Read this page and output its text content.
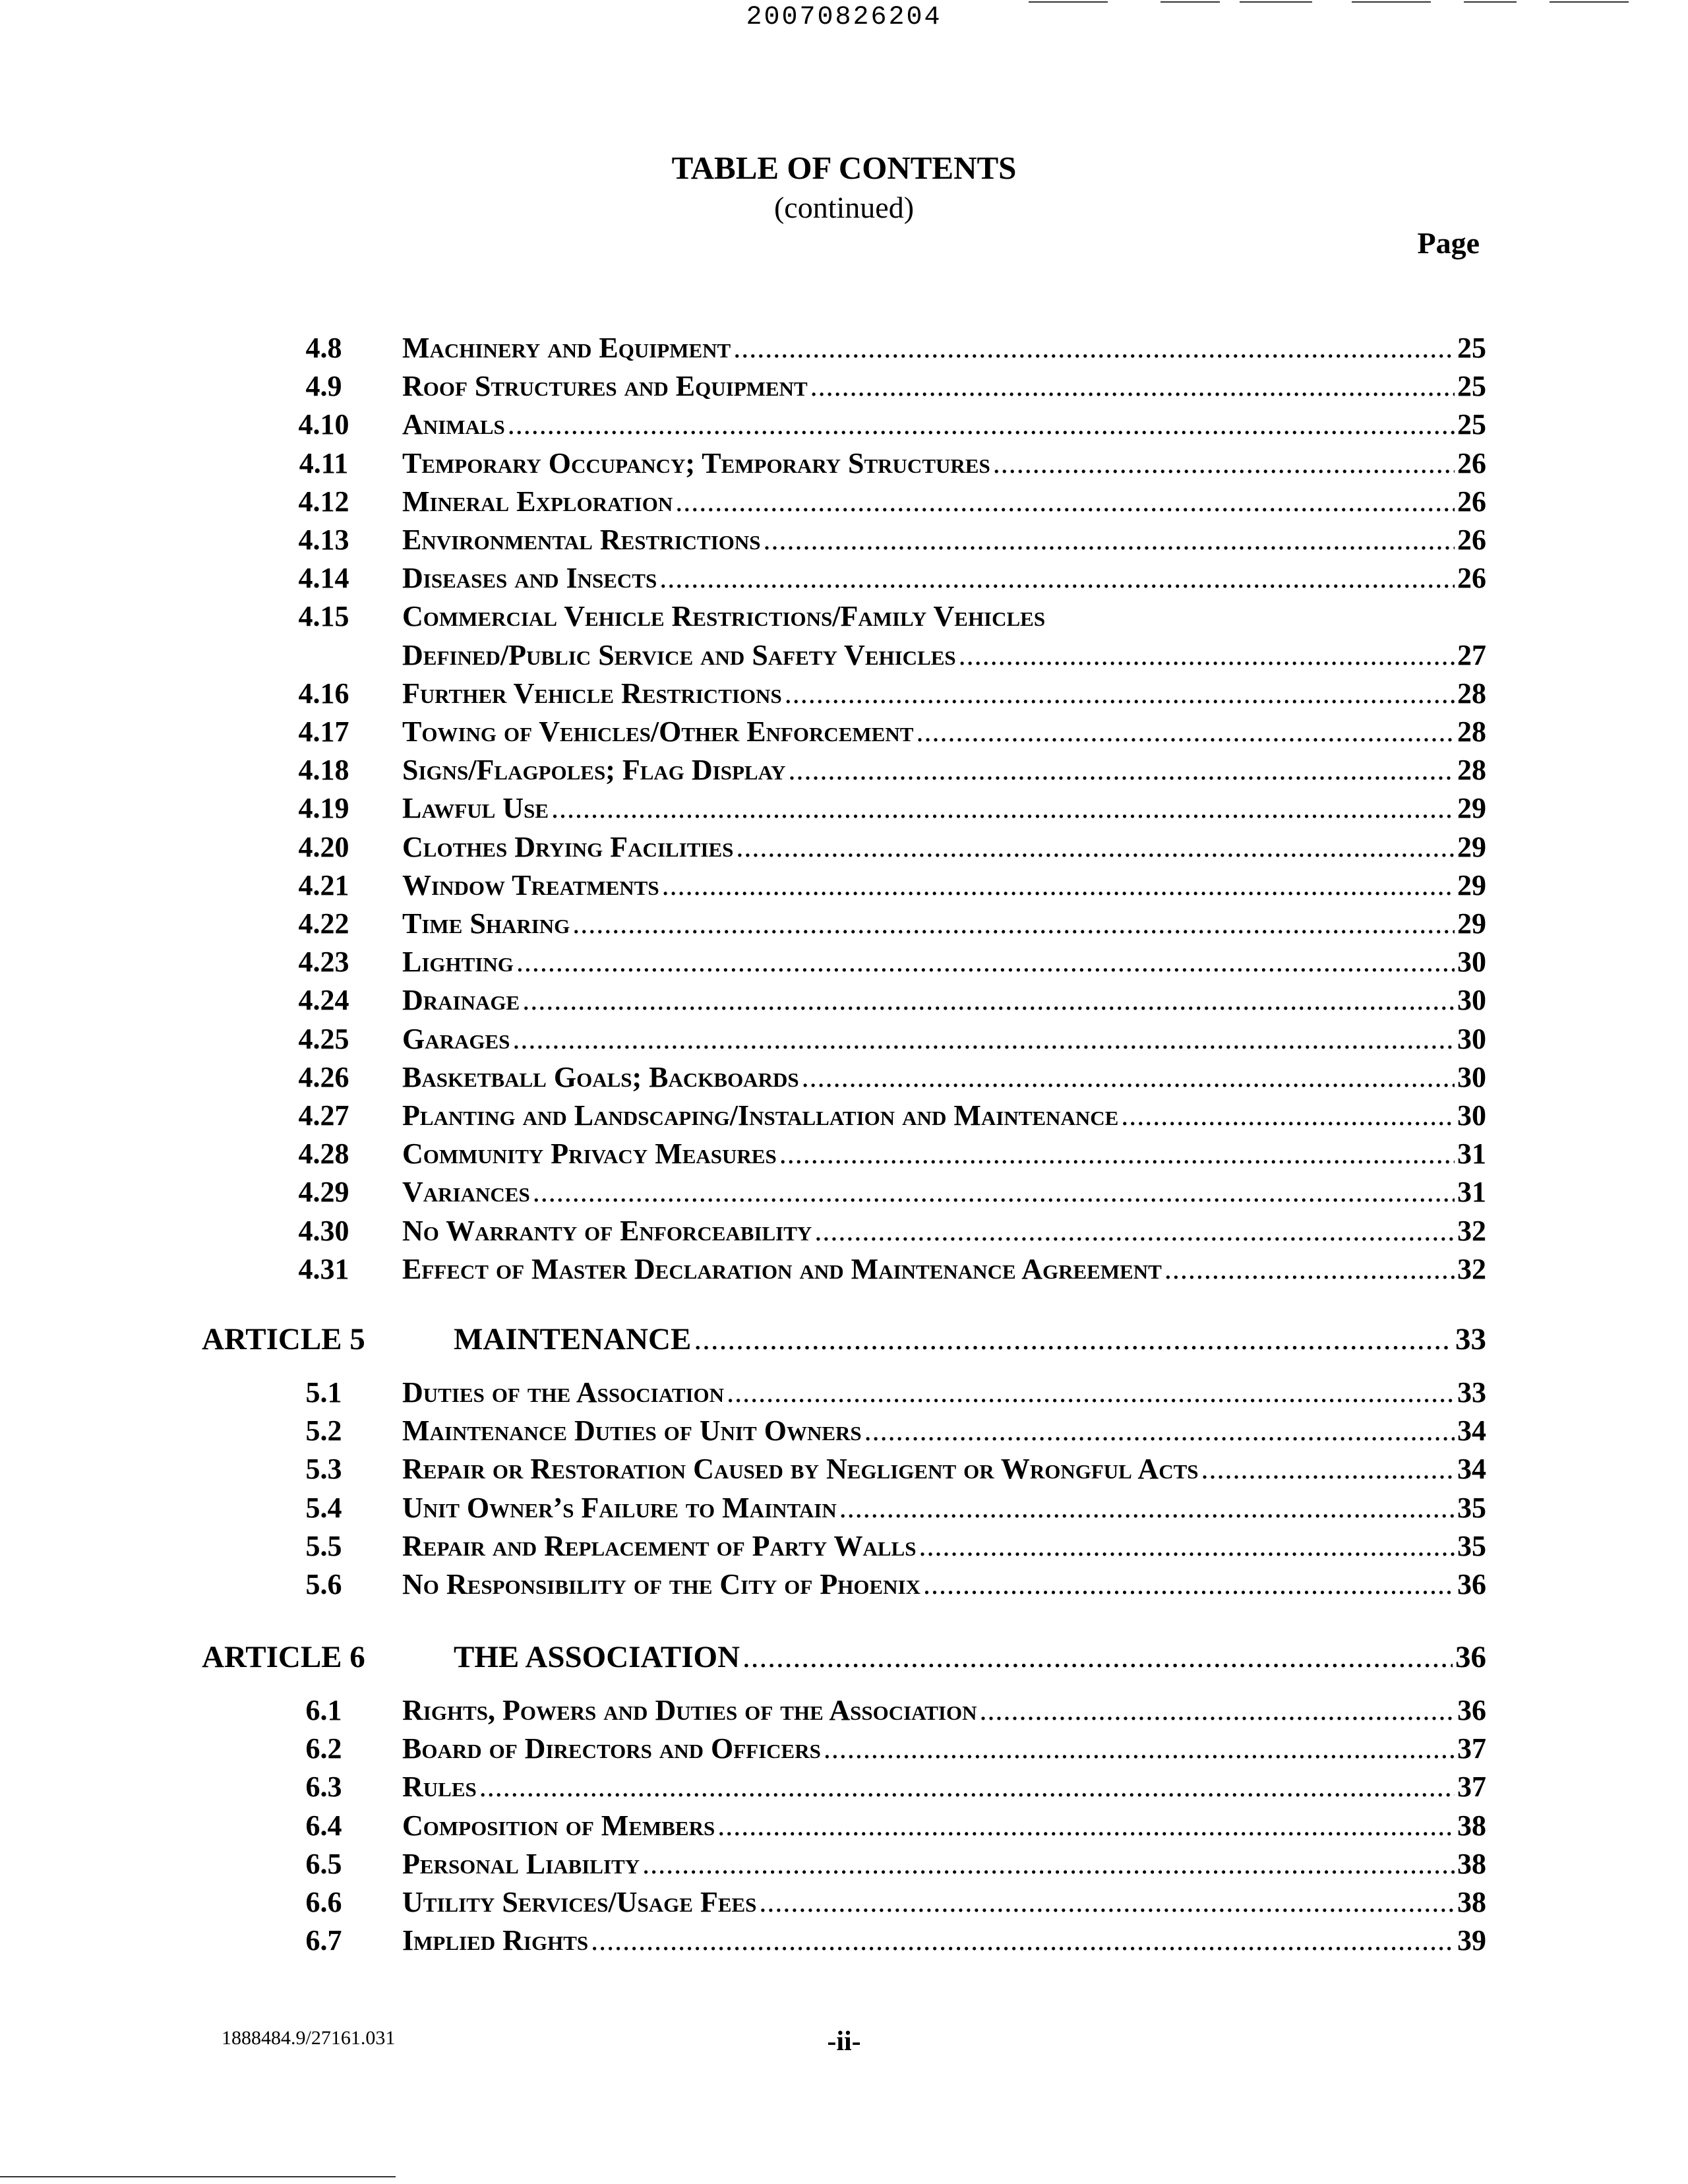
20070826204
TABLE OF CONTENTS
(continued)
Page
4.8	Machinery and Equipment .....	25
4.9	Roof Structures and Equipment .....	25
4.10	Animals .....	25
4.11	Temporary Occupancy; Temporary Structures .....	26
4.12	Mineral Exploration .....	26
4.13	Environmental Restrictions .....	26
4.14	Diseases and Insects .....	26
4.15	Commercial Vehicle Restrictions/Family Vehicles
Defined/Public Service and Safety Vehicles .....	27
4.16	Further Vehicle Restrictions .....	28
4.17	Towing of Vehicles/Other Enforcement .....	28
4.18	Signs/Flagpoles; Flag Display .....	28
4.19	Lawful Use .....	29
4.20	Clothes Drying Facilities .....	29
4.21	Window Treatments .....	29
4.22	Time Sharing .....	29
4.23	Lighting .....	30
4.24	Drainage .....	30
4.25	Garages .....	30
4.26	Basketball Goals; Backboards .....	30
4.27	Planting and Landscaping/Installation and Maintenance .....	30
4.28	Community Privacy Measures .....	31
4.29	Variances .....	31
4.30	No Warranty of Enforceability .....	32
4.31	Effect of Master Declaration and Maintenance Agreement .....	32
ARTICLE 5	MAINTENANCE .....	33
5.1	Duties of the Association .....	33
5.2	Maintenance Duties of Unit Owners .....	34
5.3	Repair or Restoration Caused by Negligent or Wrongful Acts .....	34
5.4	Unit Owner’s Failure to Maintain .....	35
5.5	Repair and Replacement of Party Walls .....	35
5.6	No Responsibility of the City of Phoenix .....	36
ARTICLE 6	THE ASSOCIATION .....	36
6.1	Rights, Powers and Duties of the Association .....	36
6.2	Board of Directors and Officers .....	37
6.3	Rules .....	37
6.4	Composition of Members .....	38
6.5	Personal Liability .....	38
6.6	Utility Services/Usage Fees .....	38
6.7	Implied Rights .....	39
1888484.9/27161.031	-ii-
